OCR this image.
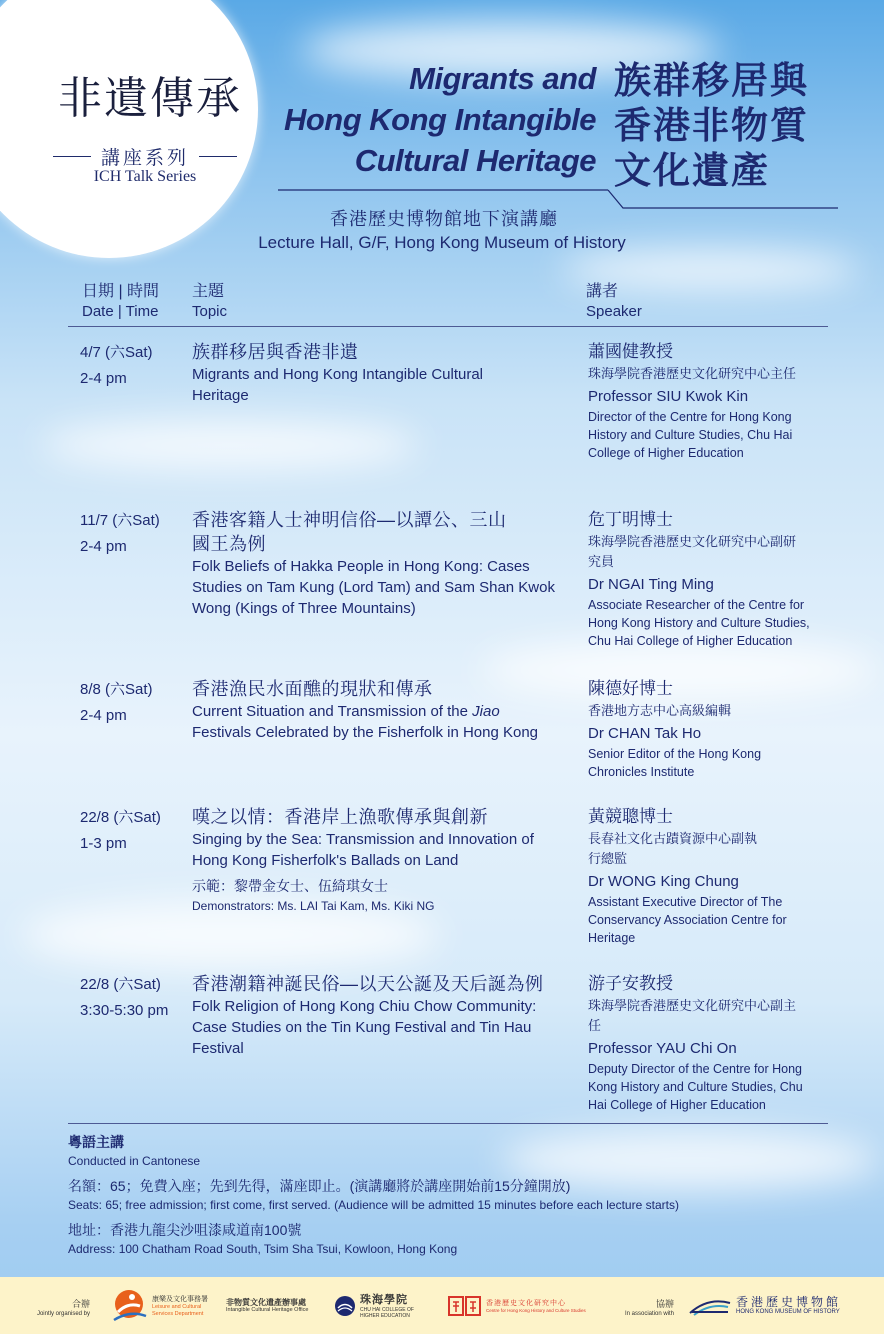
非遺傳承
講座系列
ICH Talk Series
Migrants and
Hong Kong Intangible
Cultural Heritage
族群移居與
香港非物質
文化遺產
香港歷史博物館地下演講廳
Lecture Hall, G/F, Hong Kong Museum of History
日期 | 時間
Date | Time
主題
Topic
講者
Speaker
4/7 (六Sat)
2-4 pm
族群移居與香港非遺
Migrants and Hong Kong Intangible Cultural Heritage
蕭國健教授
珠海學院香港歷史文化研究中心主任
Professor SIU Kwok Kin
Director of the Centre for Hong Kong History and Culture Studies, Chu Hai College of Higher Education
11/7 (六Sat)
2-4 pm
香港客籍人士神明信俗—以譚公、三山國王為例
Folk Beliefs of Hakka People in Hong Kong: Cases Studies on Tam Kung (Lord Tam) and Sam Shan Kwok Wong (Kings of Three Mountains)
危丁明博士
珠海學院香港歷史文化研究中心副研究員
Dr NGAI Ting Ming
Associate Researcher of the Centre for Hong Kong History and Culture Studies, Chu Hai College of Higher Education
8/8 (六Sat)
2-4 pm
香港漁民水面醮的現狀和傳承
Current Situation and Transmission of the Jiao Festivals Celebrated by the Fisherfolk in Hong Kong
陳德好博士
香港地方志中心高級編輯
Dr CHAN Tak Ho
Senior Editor of the Hong Kong Chronicles Institute
22/8 (六Sat)
1-3 pm
嘆之以情：香港岸上漁歌傳承與創新
Singing by the Sea: Transmission and Innovation of Hong Kong Fisherfolk's Ballads on Land
示範：黎帶金女士、伍綺琪女士
Demonstrators: Ms. LAI Tai Kam, Ms. Kiki NG
黃競聰博士
長春社文化古蹟資源中心副執行總監
Dr WONG King Chung
Assistant Executive Director of The Conservancy Association Centre for Heritage
22/8 (六Sat)
3:30-5:30 pm
香港潮籍神誕民俗—以天公誕及天后誕為例
Folk Religion of Hong Kong Chiu Chow Community: Case Studies on the Tin Kung Festival and Tin Hau Festival
游子安教授
珠海學院香港歷史文化研究中心副主任
Professor YAU Chi On
Deputy Director of the Centre for Hong Kong History and Culture Studies, Chu Hai College of Higher Education
粵語主講
Conducted in Cantonese
名額：65；免費入座；先到先得，滿座即止。(演講廳將於講座開始前15分鐘開放)
Seats: 65; free admission; first come, first served. (Audience will be admitted 15 minutes before each lecture starts)
地址：香港九龍尖沙咀漆咸道南100號
Address: 100 Chatham Road South, Tsim Sha Tsui, Kowloon, Hong Kong
合辦
Jointly organised by
康樂及文化事務署
Leisure and Cultural Services Department
非物質文化遺產辦事處
Intangible Cultural Heritage Office
珠海學院
CHU HAI COLLEGE OF HIGHER EDUCATION
香港歷史文化研究中心
Centre for Hong Kong History and Culture Studies
協辦
In association with
香港歷史博物館
HONG KONG MUSEUM OF HISTORY
